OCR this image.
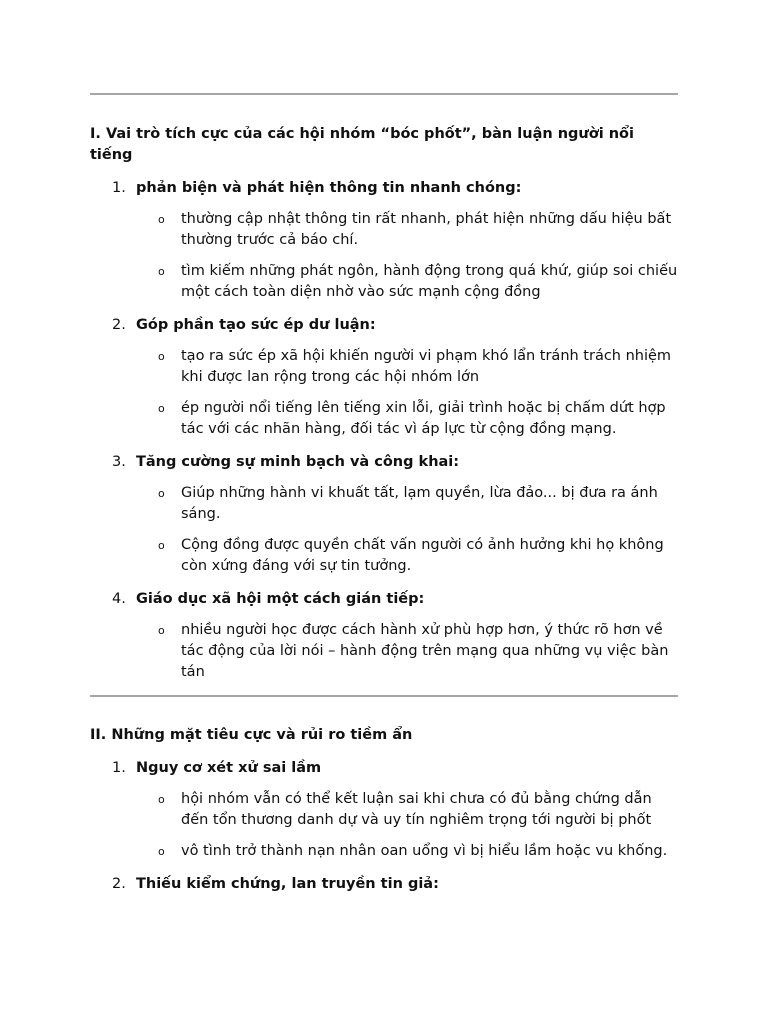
I. Vai trò tích cực của các hội nhóm “bóc phốt”, bàn luận người nổi tiếng

1. phản biện và phát hiện thông tin nhanh chóng:
o thường cập nhật thông tin rất nhanh, phát hiện những dấu hiệu bất thường trước cả báo chí.
o tìm kiếm những phát ngôn, hành động trong quá khứ, giúp soi chiếu một cách toàn diện nhờ vào sức mạnh cộng đồng
2. Góp phần tạo sức ép dư luận:
o tạo ra sức ép xã hội khiến người vi phạm khó lẩn tránh trách nhiệm khi được lan rộng trong các hội nhóm lớn
o ép người nổi tiếng lên tiếng xin lỗi, giải trình hoặc bị chấm dứt hợp tác với các nhãn hàng, đối tác vì áp lực từ cộng đồng mạng.
3. Tăng cường sự minh bạch và công khai:
o Giúp những hành vi khuất tất, lạm quyền, lừa đảo... bị đưa ra ánh sáng.
o Cộng đồng được quyền chất vấn người có ảnh hưởng khi họ không còn xứng đáng với sự tin tưởng.
4. Giáo dục xã hội một cách gián tiếp:
o nhiều người học được cách hành xử phù hợp hơn, ý thức rõ hơn về tác động của lời nói – hành động trên mạng qua những vụ việc bàn tán

II. Những mặt tiêu cực và rủi ro tiềm ẩn

1. Nguy cơ xét xử sai lầm
o hội nhóm vẫn có thể kết luận sai khi chưa có đủ bằng chứng dẫn đến tổn thương danh dự và uy tín nghiêm trọng tới người bị phốt
o vô tình trở thành nạn nhân oan uổng vì bị hiểu lầm hoặc vu khống.
2. Thiếu kiểm chứng, lan truyền tin giả:
